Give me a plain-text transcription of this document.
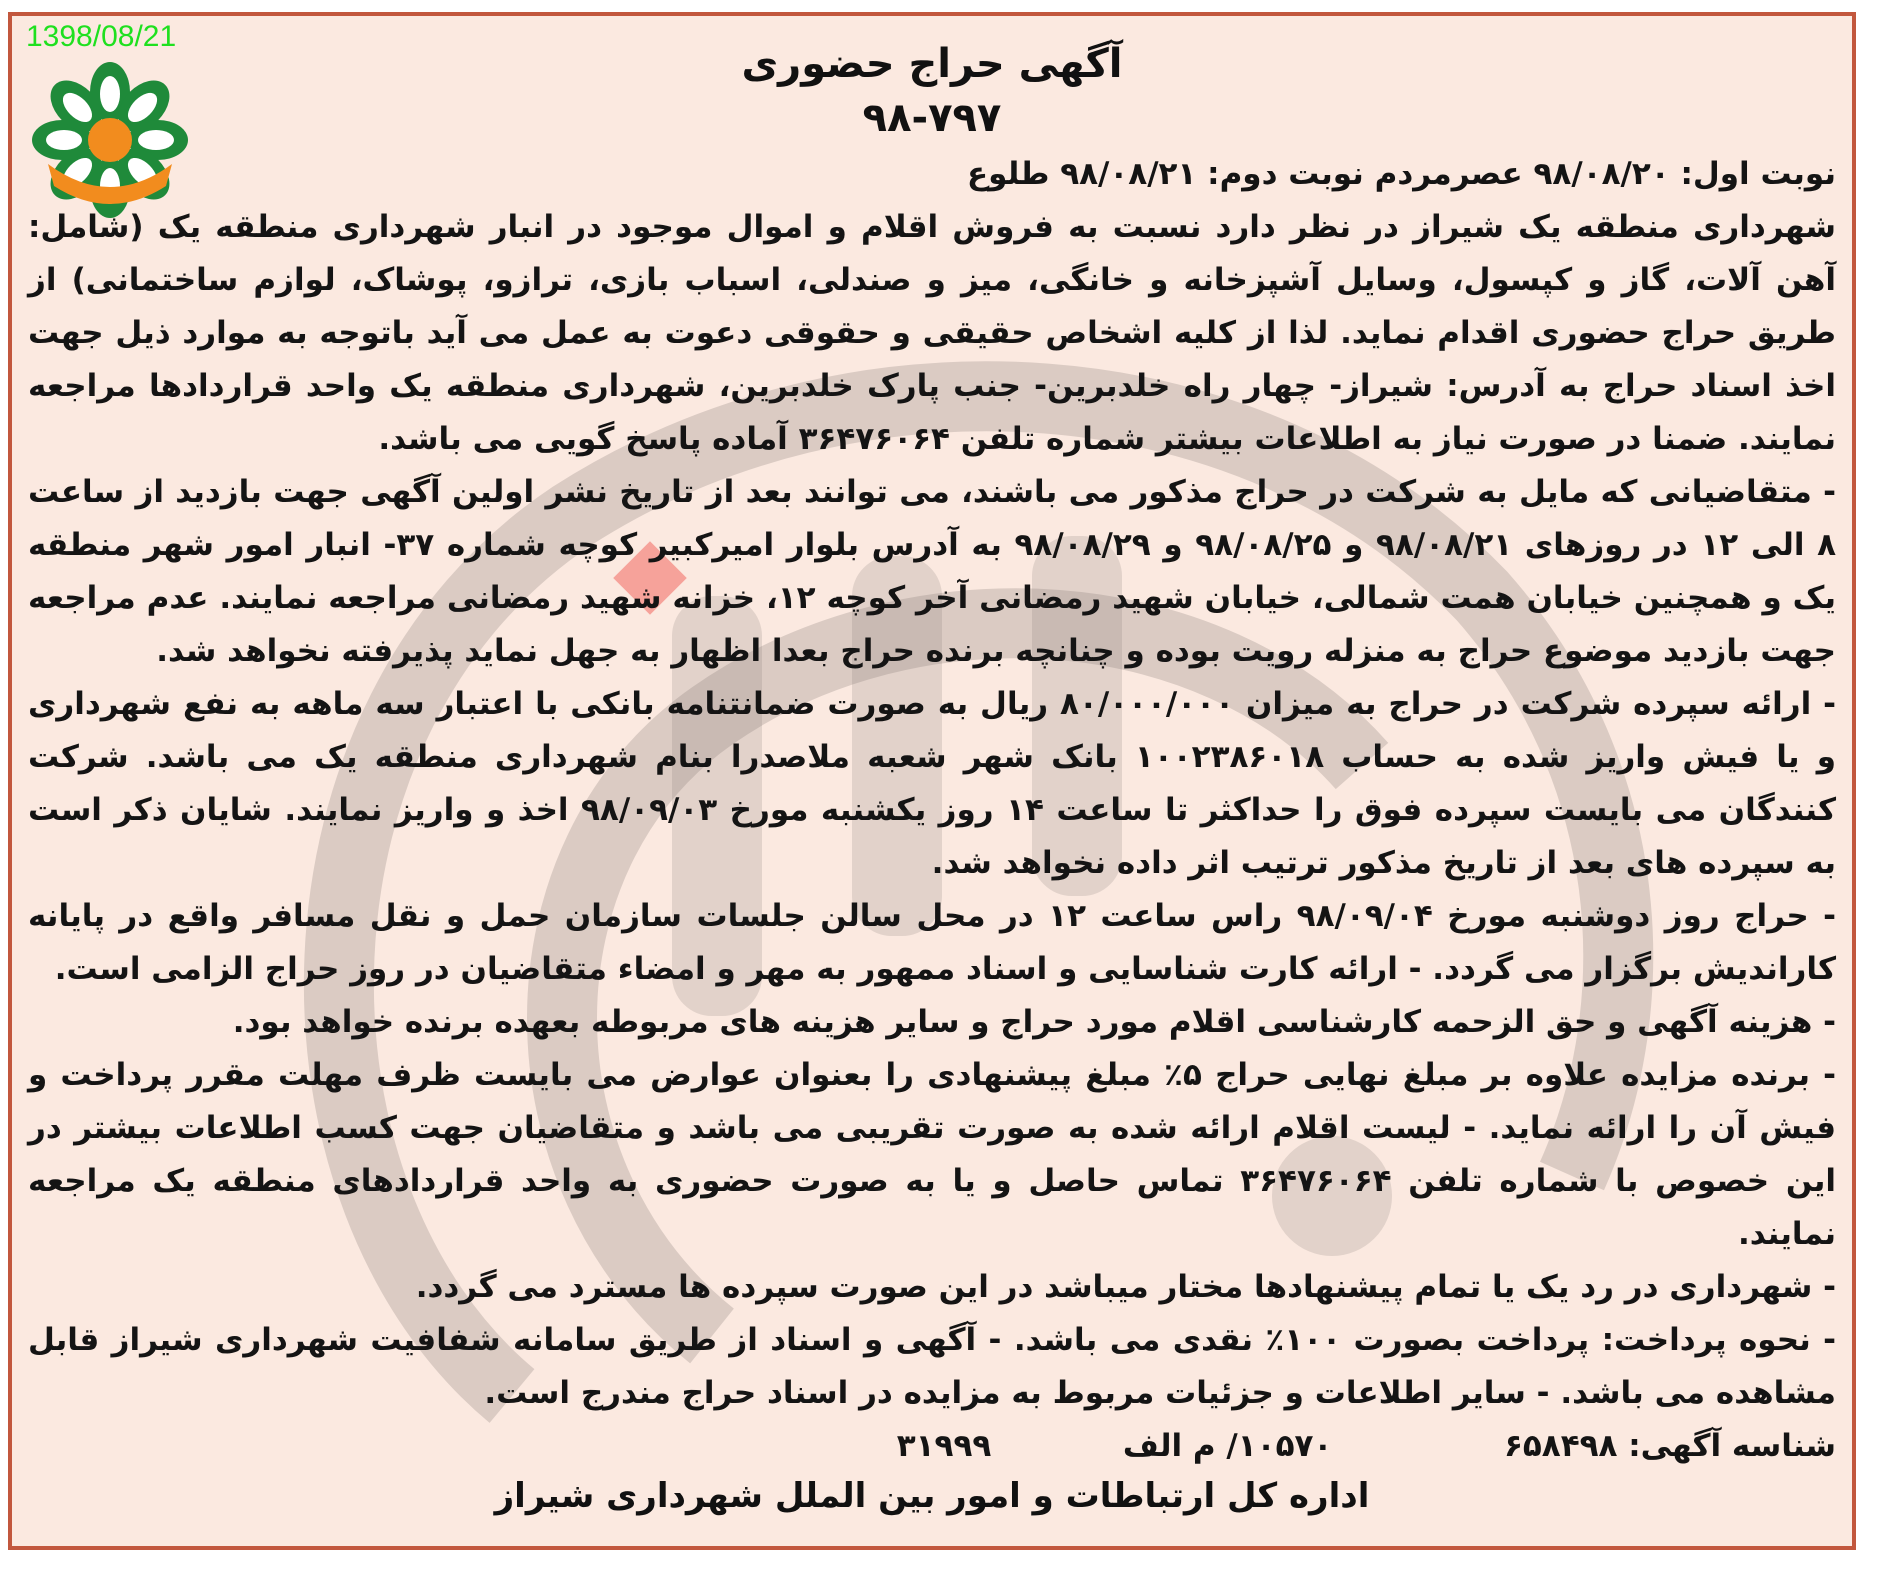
1398/08/21
آگهی حراج حضوری
۹۸-۷۹۷

نوبت اول: ۹۸/۰۸/۲۰ عصرمردم نوبت دوم: ۹۸/۰۸/۲۱ طلوع

شهرداری منطقه یک شیراز در نظر دارد نسبت به فروش اقلام و اموال موجود در انبار شهرداری منطقه یک (شامل: آهن آلات، گاز و کپسول، وسایل آشپزخانه و خانگی، میز و صندلی، اسباب بازی، ترازو، پوشاک، لوازم ساختمانی) از طریق حراج حضوری اقدام نماید. لذا از کلیه اشخاص حقیقی و حقوقی دعوت به عمل می آید باتوجه به موارد ذیل جهت اخذ اسناد حراج به آدرس: شیراز- چهار راه خلدبرین- جنب پارک خلدبرین، شهرداری منطقه یک واحد قراردادها مراجعه نمایند. ضمنا در صورت نیاز به اطلاعات بیشتر شماره تلفن ۳۶۴۷۶۰۶۴ آماده پاسخ گویی می باشد.

- متقاضیانی که مایل به شرکت در حراج مذکور می باشند، می توانند بعد از تاریخ نشر اولین آگهی جهت بازدید از ساعت ۸ الی ۱۲ در روزهای ۹۸/۰۸/۲۱ و ۹۸/۰۸/۲۵ و ۹۸/۰۸/۲۹ به آدرس بلوار امیرکبیر کوچه شماره ۳۷- انبار امور شهر منطقه یک و همچنین خیابان همت شمالی، خیابان شهید رمضانی آخر کوچه ۱۲، خزانه شهید رمضانی مراجعه نمایند. عدم مراجعه جهت بازدید موضوع حراج به منزله رویت بوده و چنانچه برنده حراج بعدا اظهار به جهل نماید پذیرفته نخواهد شد.

- ارائه سپرده شرکت در حراج به میزان ۸۰/۰۰۰/۰۰۰ ریال به صورت ضمانتنامه بانکی با اعتبار سه ماهه به نفع شهرداری و یا فیش واریز شده به حساب ۱۰۰۲۳۸۶۰۱۸ بانک شهر شعبه ملاصدرا بنام شهرداری منطقه یک می باشد. شرکت کنندگان می بایست سپرده فوق را حداکثر تا ساعت ۱۴ روز یکشنبه مورخ ۹۸/۰۹/۰۳ اخذ و واریز نمایند. شایان ذکر است به سپرده های بعد از تاریخ مذکور ترتیب اثر داده نخواهد شد.

- حراج روز دوشنبه مورخ ۹۸/۰۹/۰۴ راس ساعت ۱۲ در محل سالن جلسات سازمان حمل و نقل مسافر واقع در پایانه کاراندیش برگزار می گردد. - ارائه کارت شناسایی و اسناد ممهور به مهر و امضاء متقاضیان در روز حراج الزامی است.

- هزینه آگهی و حق الزحمه کارشناسی اقلام مورد حراج و سایر هزینه های مربوطه بعهده برنده خواهد بود.

- برنده مزایده علاوه بر مبلغ نهایی حراج ۵٪ مبلغ پیشنهادی را بعنوان عوارض می بایست ظرف مهلت مقرر پرداخت و فیش آن را ارائه نماید. - لیست اقلام ارائه شده به صورت تقریبی می باشد و متقاضیان جهت کسب اطلاعات بیشتر در این خصوص با شماره تلفن ۳۶۴۷۶۰۶۴ تماس حاصل و یا به صورت حضوری به واحد قراردادهای منطقه یک مراجعه نمایند.

- شهرداری در رد یک یا تمام پیشنهادها مختار میباشد در این صورت سپرده ها مسترد می گردد.

- نحوه پرداخت: پرداخت بصورت ۱۰۰٪ نقدی می باشد. - آگهی و اسناد از طریق سامانه شفافیت شهرداری شیراز قابل مشاهده می باشد. - سایر اطلاعات و جزئیات مربوط به مزایده در اسناد حراج مندرج است.

شناسه آگهی: ۶۵۸۴۹۸  ۱۰۵۷۰/ م الف  ۳۱۹۹۹

اداره کل ارتباطات و امور بین الملل شهرداری شیراز
